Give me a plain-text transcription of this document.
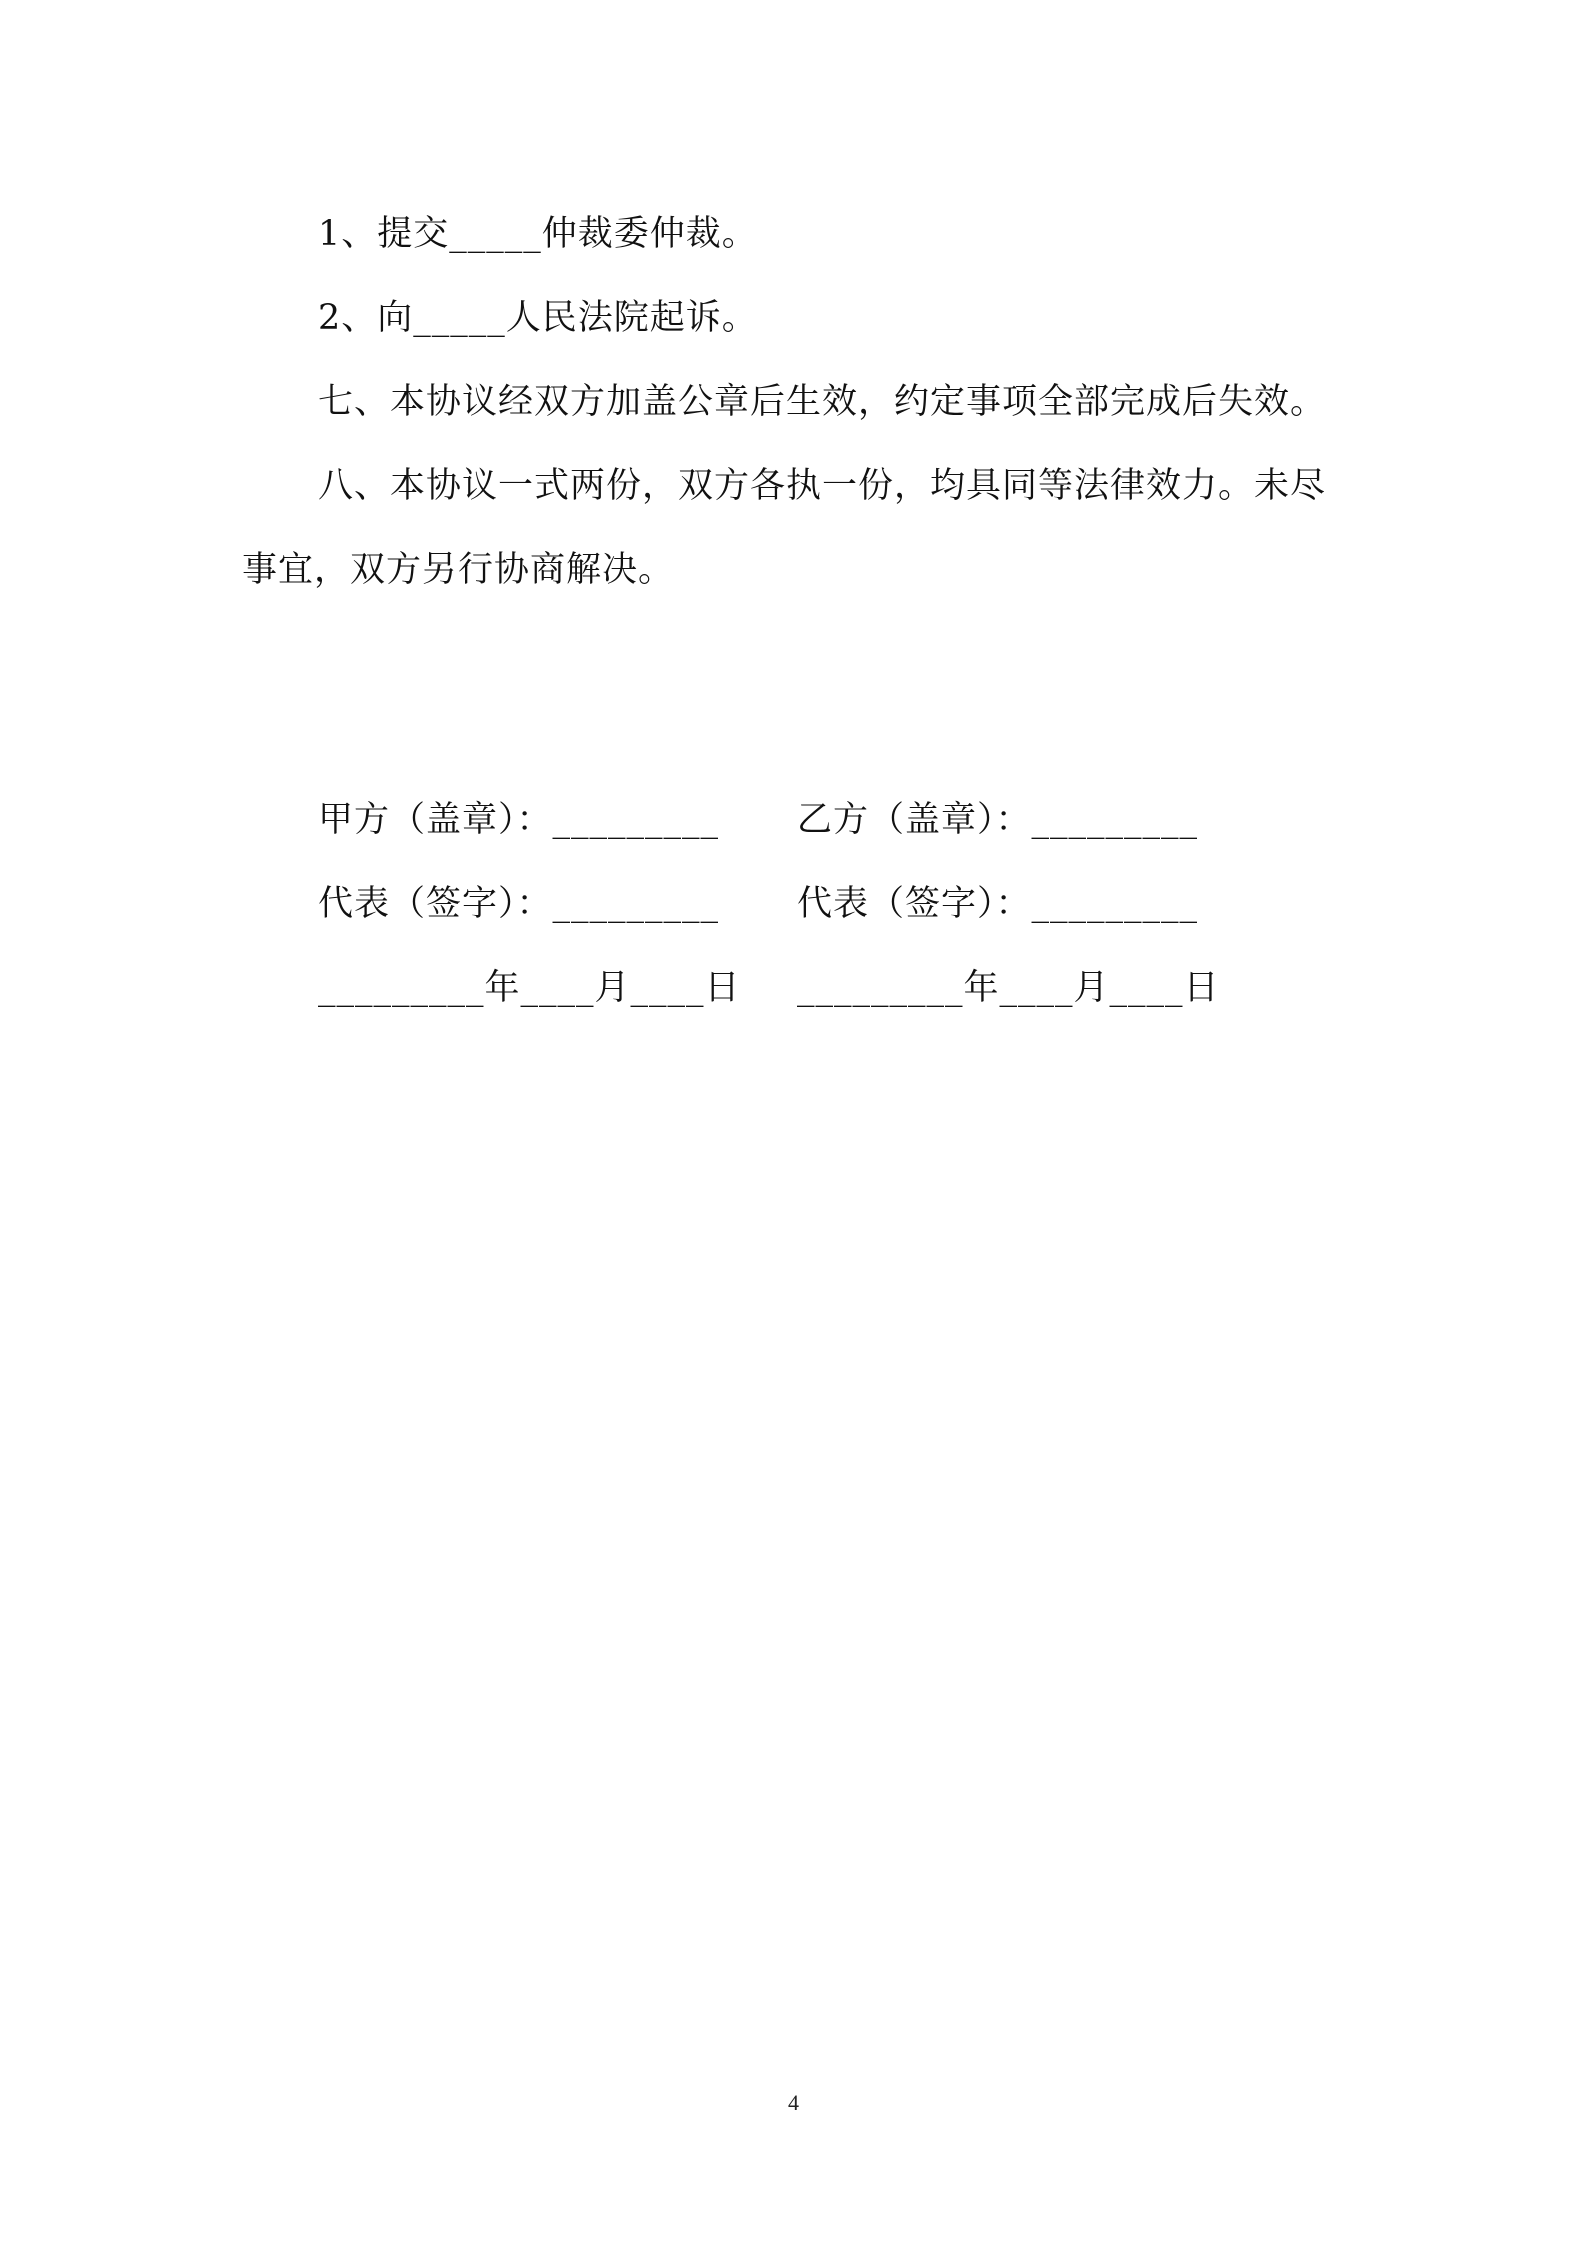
1、提交_____仲裁委仲裁。
2、向_____人民法院起诉。
七、本协议经双方加盖公章后生效，约定事项全部完成后失效。
八、本协议一式两份，双方各执一份，均具同等法律效力。未尽
事宜，双方另行协商解决。
甲方（盖章）：_________ 乙方（盖章）：_________
代表（签字）：_________ 代表（签字）：_________
_________年____月____日 _________年____月____日
4
